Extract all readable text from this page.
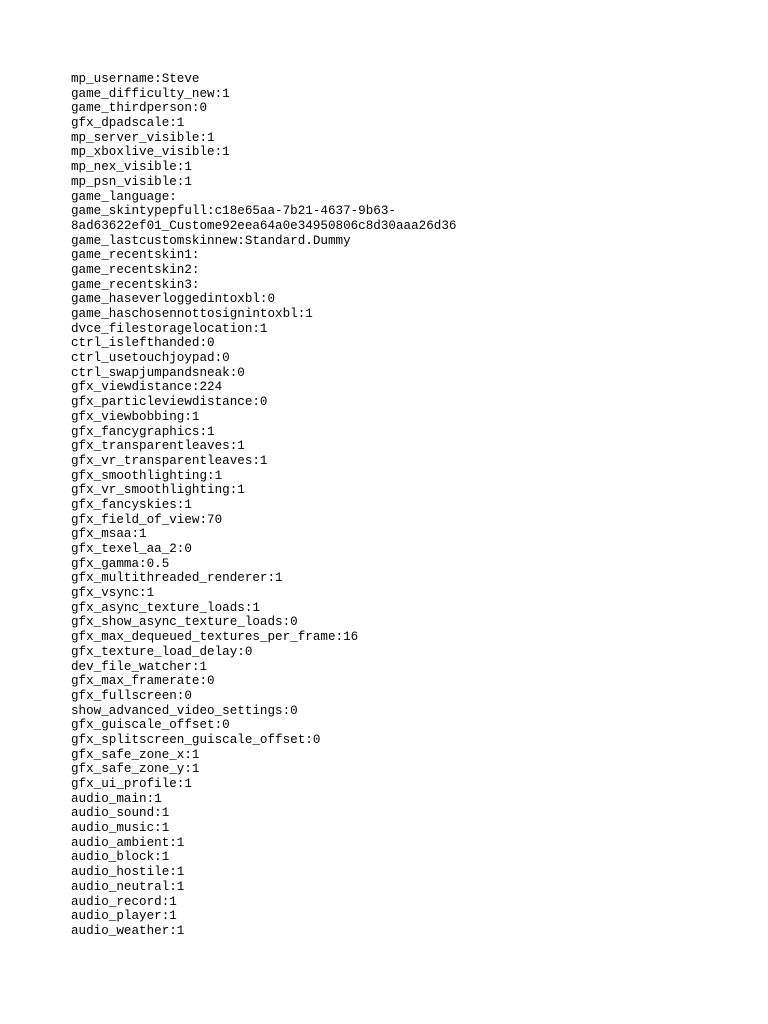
mp_username:Steve
game_difficulty_new:1
game_thirdperson:0
gfx_dpadscale:1
mp_server_visible:1
mp_xboxlive_visible:1
mp_nex_visible:1
mp_psn_visible:1
game_language:
game_skintypepfull:c18e65aa-7b21-4637-9b63-
8ad63622ef01_Custome92eea64a0e34950806c8d30aaa26d36
game_lastcustomskinnew:Standard.Dummy
game_recentskin1:
game_recentskin2:
game_recentskin3:
game_haseverloggedintoxbl:0
game_haschosennottosignintoxbl:1
dvce_filestoragelocation:1
ctrl_islefthanded:0
ctrl_usetouchjoypad:0
ctrl_swapjumpandsneak:0
gfx_viewdistance:224
gfx_particleviewdistance:0
gfx_viewbobbing:1
gfx_fancygraphics:1
gfx_transparentleaves:1
gfx_vr_transparentleaves:1
gfx_smoothlighting:1
gfx_vr_smoothlighting:1
gfx_fancyskies:1
gfx_field_of_view:70
gfx_msaa:1
gfx_texel_aa_2:0
gfx_gamma:0.5
gfx_multithreaded_renderer:1
gfx_vsync:1
gfx_async_texture_loads:1
gfx_show_async_texture_loads:0
gfx_max_dequeued_textures_per_frame:16
gfx_texture_load_delay:0
dev_file_watcher:1
gfx_max_framerate:0
gfx_fullscreen:0
show_advanced_video_settings:0
gfx_guiscale_offset:0
gfx_splitscreen_guiscale_offset:0
gfx_safe_zone_x:1
gfx_safe_zone_y:1
gfx_ui_profile:1
audio_main:1
audio_sound:1
audio_music:1
audio_ambient:1
audio_block:1
audio_hostile:1
audio_neutral:1
audio_record:1
audio_player:1
audio_weather:1
